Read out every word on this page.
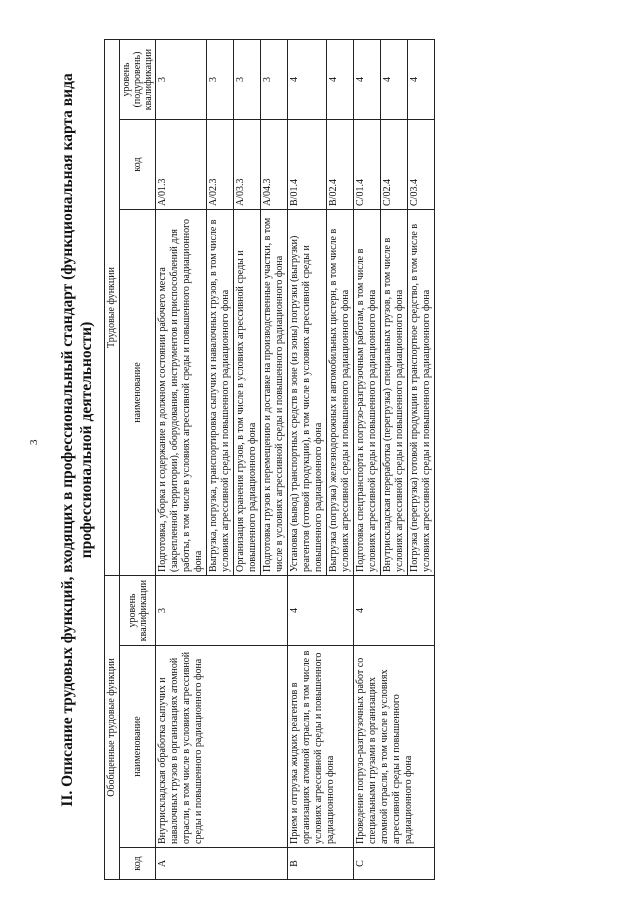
3 II. Описание трудовых функций, входящих в профессиональный стандарт (функциональная карта вида профессиональной деятельности)
Обобщенные трудовые функции			Трудовые функции		
код	наименование	уровень квалификации	наименование	код	уровень (подуровень) квалификации
A	Внутрискладская обработка сыпучих и навалочных грузов в организациях атомной отрасли, в том числе в условиях агрессивной среды и повышенного радиационного фона	3	Подготовка, уборка и содержание в должном состоянии рабочего места (закрепленной территории), оборудования, инструментов и приспособлений для работы, в том числе в условиях агрессивной среды и повышенного радиационного фона	A/01.3	3
			Выгрузка, погрузка, транспортировка сыпучих и навалочных грузов, в том числе в условиях агрессивной среды и повышенного радиационного фона	A/02.3	3
			Организация хранения грузов, в том числе в условиях агрессивной среды и повышенного радиационного фона	A/03.3	3
			Подготовка грузов к перемещению и доставке на производственные участки, в том числе в условиях агрессивной среды и повышенного радиационного фона	A/04.3	3
B	Прием и отгрузка жидких реагентов в организациях атомной отрасли, в том числе в условиях агрессивной среды и повышенного радиационного фона	4	Установка (вывод) транспортных средств в зоне (из зоны) погрузки (выгрузки) реагентов (готовой продукции), в том числе в условиях агрессивной среды и повышенного радиационного фона	B/01.4	4
			Выгрузка (погрузка) железнодорожных и автомобильных цистерн, в том числе в условиях агрессивной среды и повышенного радиационного фона	B/02.4	4
C	Проведение погрузо-разгрузочных работ со специальными грузами в организациях атомной отрасли, в том числе в условиях агрессивной среды и повышенного радиационного фона	4	Подготовка спецтранспорта к погрузо-разгрузочным работам, в том числе в условиях агрессивной среды и повышенного радиационного фона	C/01.4	4
			Внутрискладская переработка (перегрузка) специальных грузов, в том числе в условиях агрессивной среды и повышенного радиационного фона	C/02.4	4
			Погрузка (перегрузка) готовой продукции в транспортное средство, в том числе в условиях агрессивной среды и повышенного радиационного фона	C/03.4	4
